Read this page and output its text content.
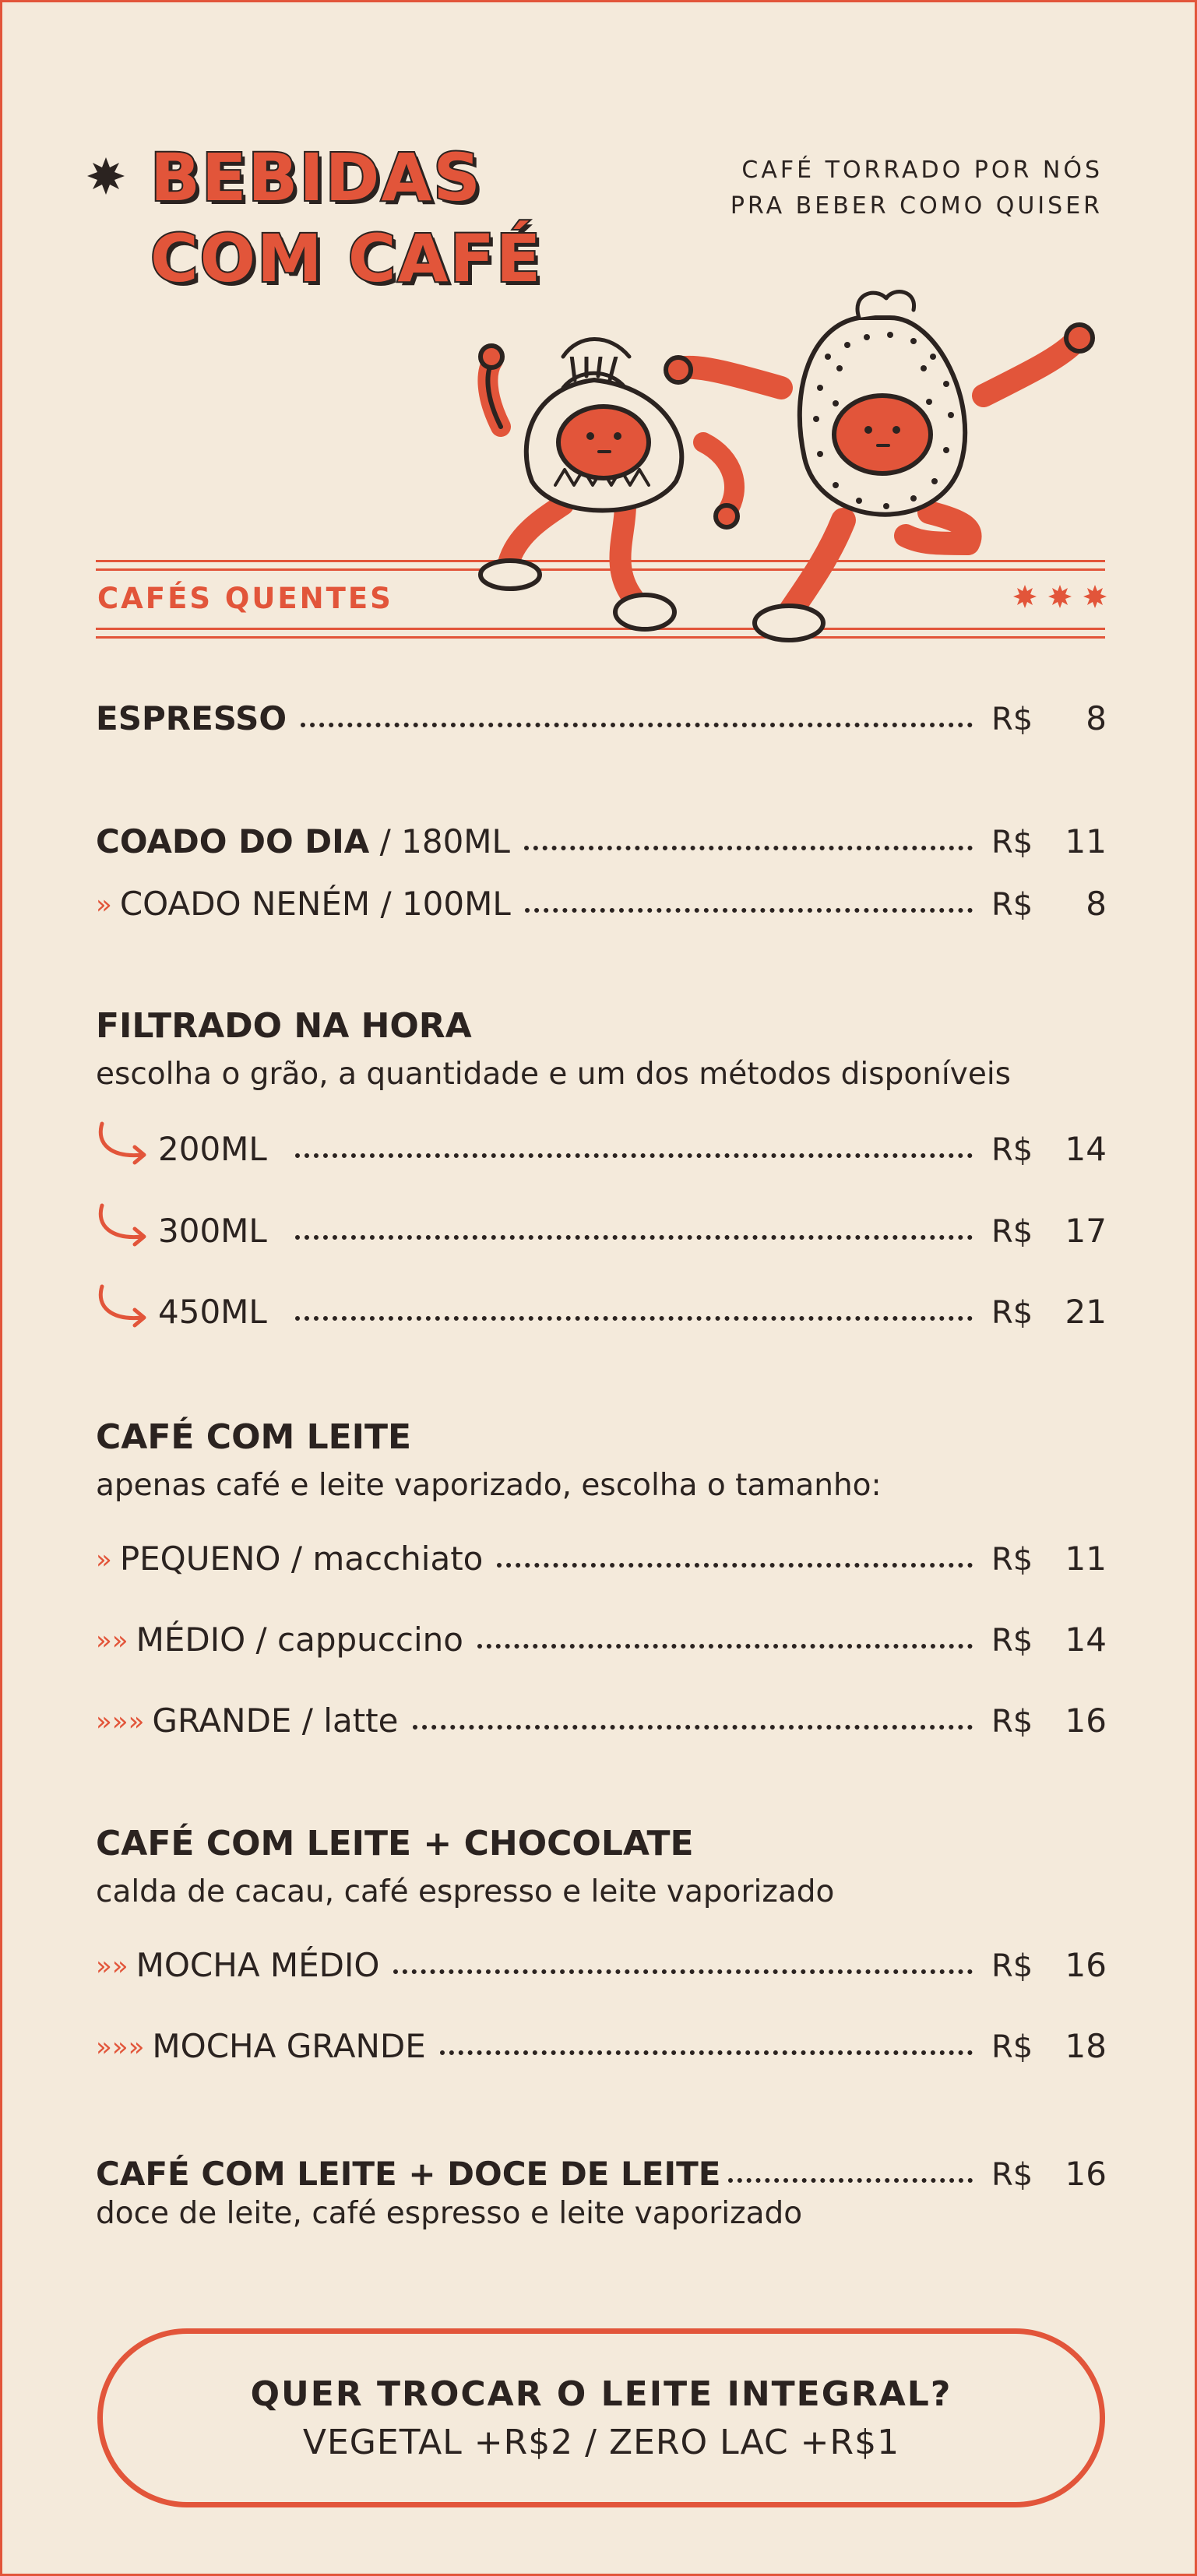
BEBIDAS
COM CAFÉ
CAFÉ TORRADO POR NÓS
PRA BEBER COMO QUISER
CAFÉS QUENTES
ESPRESSO	R$	8
COADO DO DIA / 180ML	R$ 11
» COADO NENÉM / 100ML	R$	8
FILTRADO NA HORA
escolha o grão, a quantidade e um dos métodos disponíveis
200ML	R$ 14
300ML	R$ 17
450ML	R$ 21
CAFÉ COM LEITE
apenas café e leite vaporizado, escolha o tamanho:
» PEQUENO / macchiato	R$ 11
»» MÉDIO / cappuccino	R$ 14
»»» GRANDE / latte	R$ 16
CAFÉ COM LEITE + CHOCOLATE
calda de cacau, café espresso e leite vaporizado
»» MOCHA MÉDIO	R$ 16
»»» MOCHA GRANDE	R$ 18
CAFÉ COM LEITE + DOCE DE LEITE	R$ 16
doce de leite, café espresso e leite vaporizado
QUER TROCAR O LEITE INTEGRAL?
VEGETAL +R$2 / ZERO LAC +R$1
